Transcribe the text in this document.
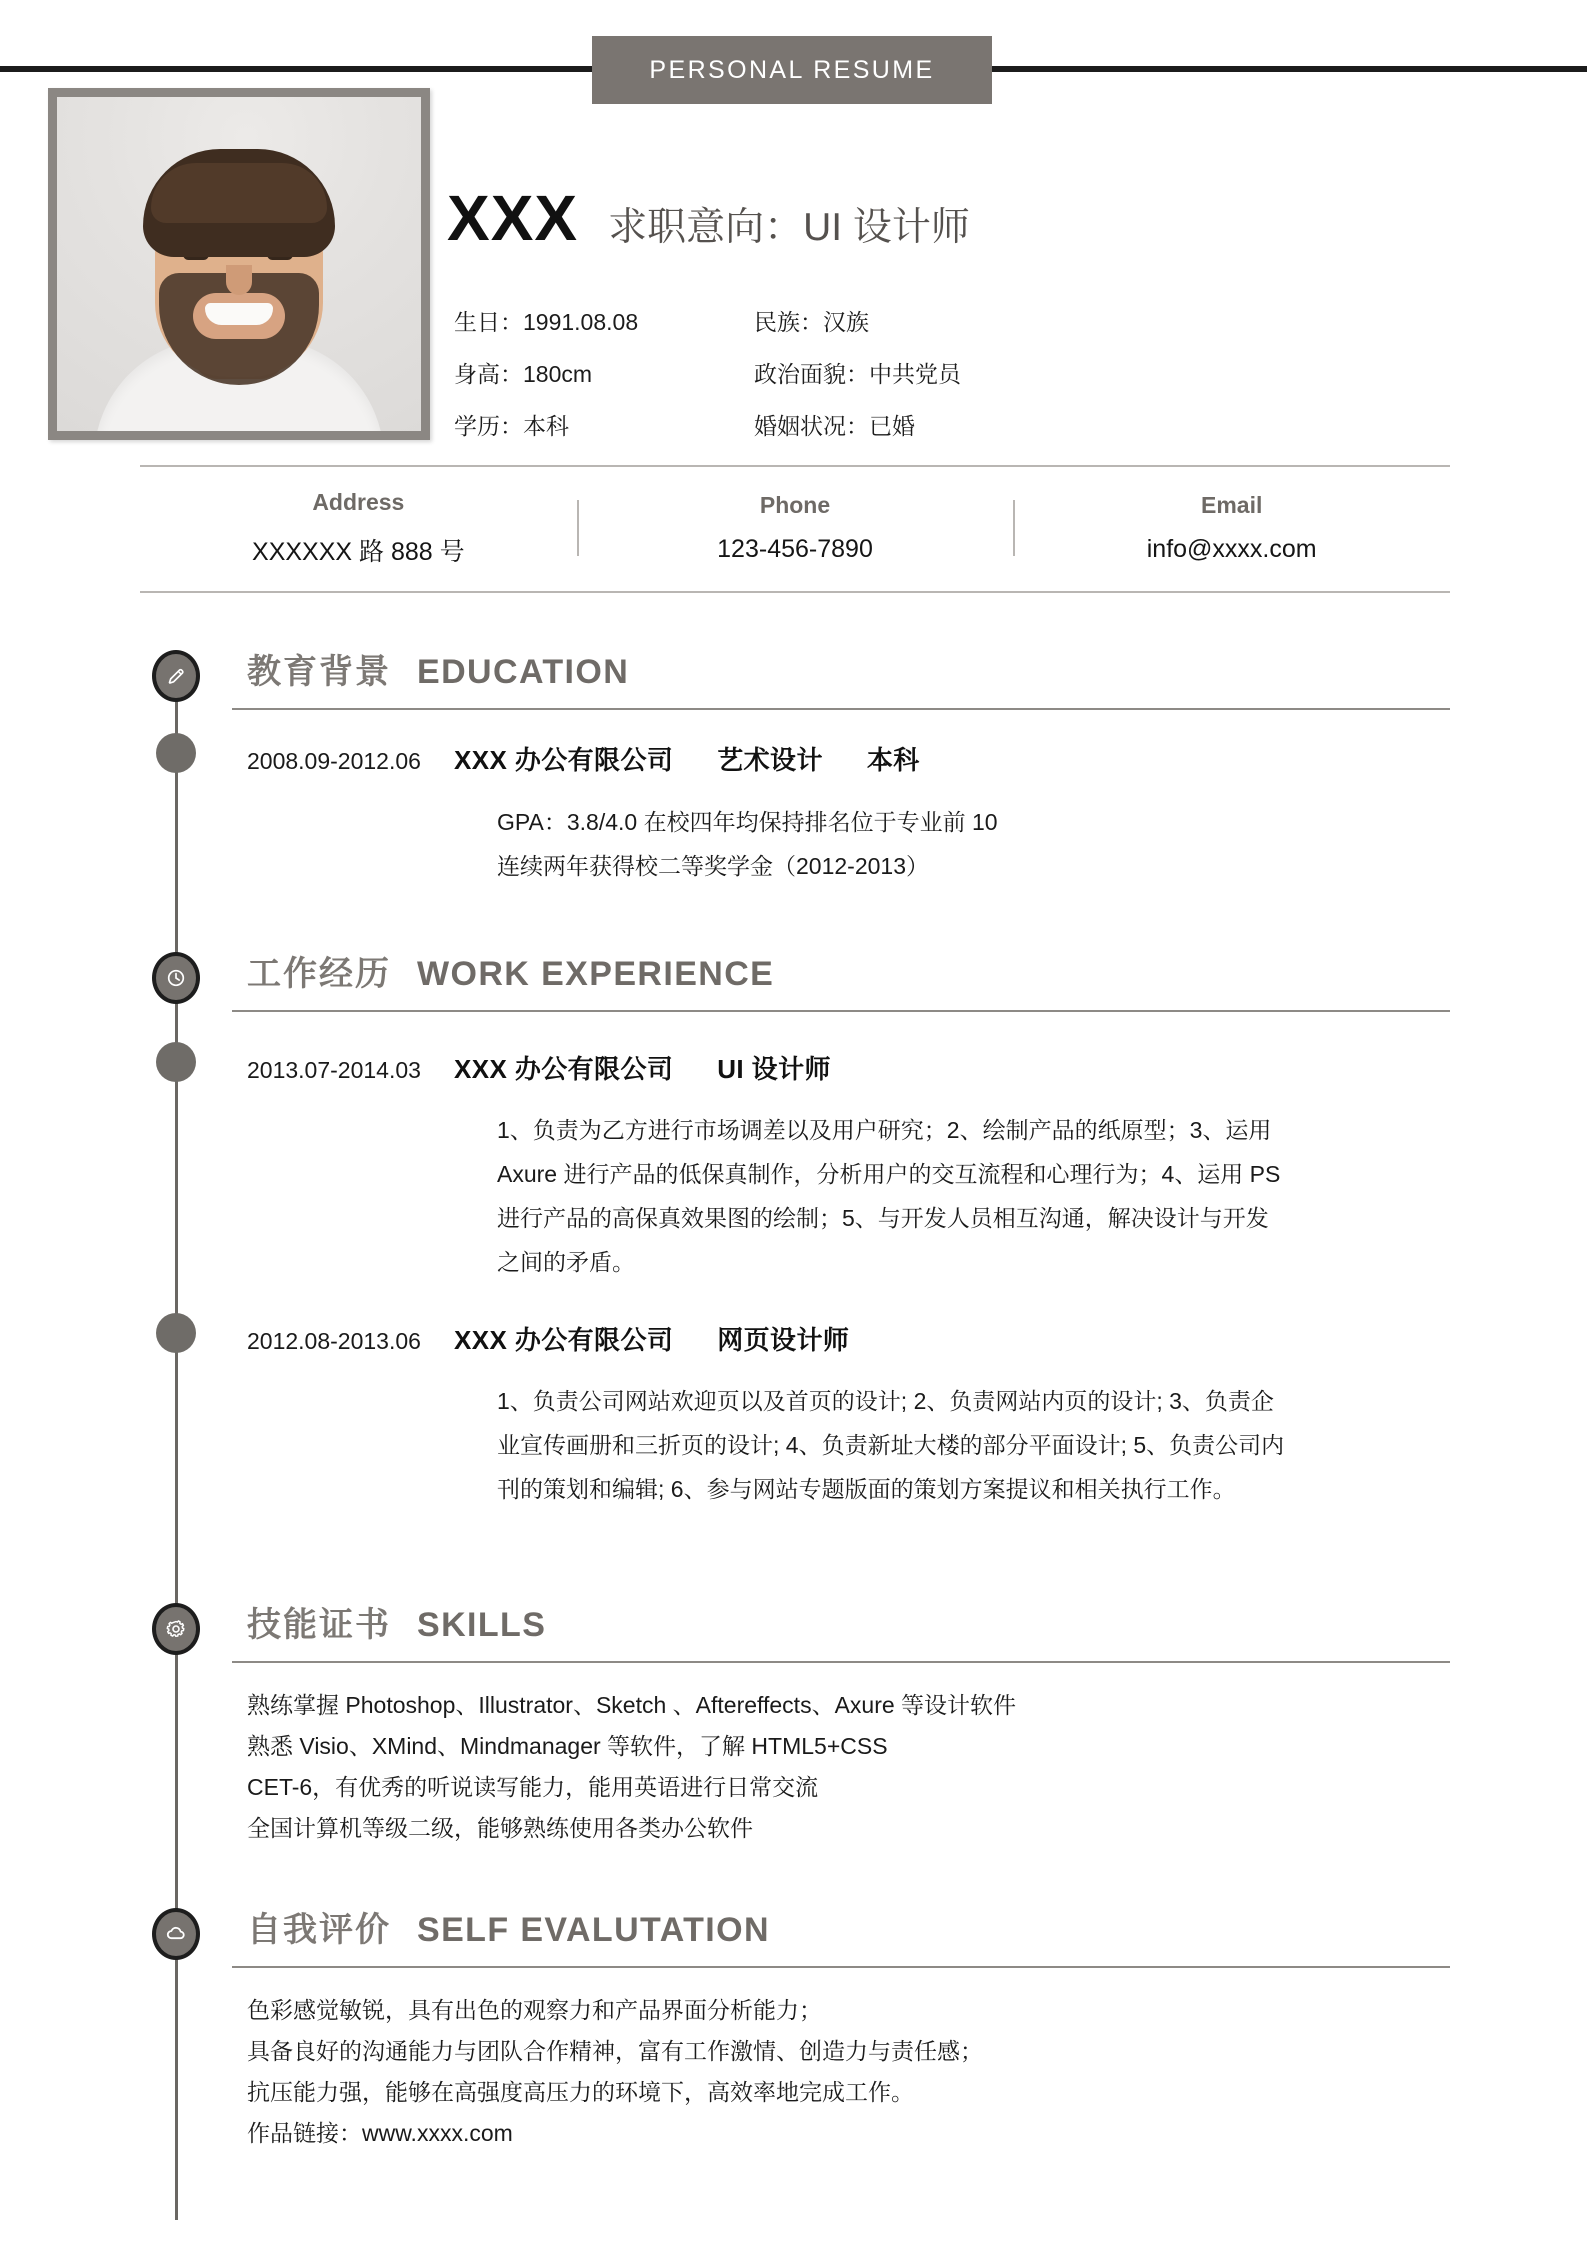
PERSONAL RESUME
XXX 求职意向：UI 设计师
生日：1991.08.08	民族：汉族
身高：180cm	政治面貌：中共党员
学历：本科	婚姻状况：已婚
Address
XXXXXX 路 888 号
Phone
123-456-7890
Email
info@xxxx.com
教育背景 EDUCATION
2008.09-2012.06	XXX 办公有限公司 艺术设计 本科
GPA：3.8/4.0 在校四年均保持排名位于专业前 10
连续两年获得校二等奖学金（2012-2013）
工作经历 WORK EXPERIENCE
2013.07-2014.03	XXX 办公有限公司 UI 设计师
1、负责为乙方进行市场调差以及用户研究；2、绘制产品的纸原型；3、运用
Axure 进行产品的低保真制作，分析用户的交互流程和心理行为；4、运用 PS
进行产品的高保真效果图的绘制；5、与开发人员相互沟通，解决设计与开发
之间的矛盾。
2012.08-2013.06	XXX 办公有限公司 网页设计师
1、负责公司网站欢迎页以及首页的设计; 2、负责网站内页的设计; 3、负责企
业宣传画册和三折页的设计; 4、负责新址大楼的部分平面设计; 5、负责公司内
刊的策划和编辑; 6、参与网站专题版面的策划方案提议和相关执行工作。
技能证书 SKILLS
熟练掌握 Photoshop、Illustrator、Sketch 、Aftereffects、Axure 等设计软件
熟悉 Visio、XMind、Mindmanager 等软件，了解 HTML5+CSS
CET-6，有优秀的听说读写能力，能用英语进行日常交流
全国计算机等级二级，能够熟练使用各类办公软件
自我评价 SELF EVALUTATION
色彩感觉敏锐，具有出色的观察力和产品界面分析能力；
具备良好的沟通能力与团队合作精神，富有工作激情、创造力与责任感；
抗压能力强，能够在高强度高压力的环境下，高效率地完成工作。
作品链接：www.xxxx.com
